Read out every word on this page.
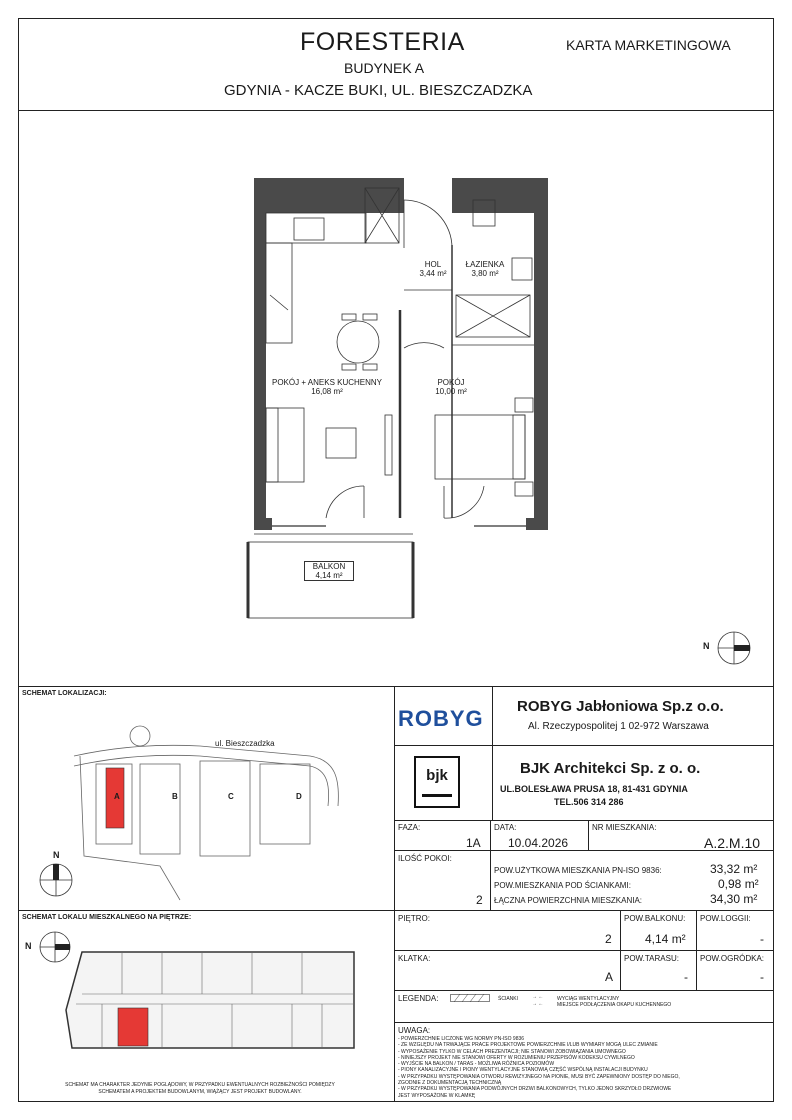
FORESTERIA
BUDYNEK A
GDYNIA - KACZE BUKI, UL. BIESZCZADZKA
KARTA MARKETINGOWA
HOL
3,44 m²
ŁAZIENKA
3,80 m²
POKÓJ + ANEKS KUCHENNY
16,08 m²
POKÓJ
10,00 m²
BALKON
4,14 m²
N
SCHEMAT LOKALIZACJI:
ul. Bieszczadzka
A	B	C	D
N
SCHEMAT LOKALU MIESZKALNEGO NA PIĘTRZE:
N
SCHEMAT MA CHARAKTER JEDYNIE POGLĄDOWY, W PRZYPADKU EWENTUALNYCH ROZBIEŻNOŚCI POMIĘDZY
SCHEMATEM A PROJEKTEM BUDOWLANYM, WIĄŻĄCY JEST PROJEKT BUDOWLANY.
ROBYG ROBYG Jabłoniowa Sp.z o.o.
Al. Rzeczypospolitej 1 02-972 Warszawa
bjk	BJK Architekci Sp. z o. o.
UL.BOLESŁAWA PRUSA 18, 81-431 GDYNIA
TEL.506 314 286
FAZA:
1A
DATA:
10.04.2026
NR MIESZKANIA:
A.2.M.10
ILOŚĆ POKOI:
2
POW.UŻYTKOWA MIESZKANIA PN-ISO 9836:	33,32 m²
POW.MIESZKANIA POD ŚCIANKAMI:	0,98 m²
ŁĄCZNA POWIERZCHNIA MIESZKANIA:	34,30 m²
PIĘTRO:
2
POW.BALKONU:
4,14 m²
POW.LOGGII:
-
KLATKA:
A
POW.TARASU:
-
POW.OGRÓDKA:
-
LEGENDA:	ŚCIANKI	→ ←	WYCIĄG WENTYLACYJNY
→ ←	MIEJSCE PODŁĄCZENIA OKAPU KUCHENNEGO
UWAGA:
- POWIERZCHNIE LICZONE WG NORMY PN-ISO 9836
- ZE WZGLĘDU NA TRWAJĄCE PRACE PROJEKTOWE POWIERZCHNIE I/LUB WYMIARY MOGĄ ULEC ZMIANIE
- WYPOSAŻENIE TYLKO W CELACH PREZENTACJI; NIE STANOWI ZOBOWIĄZANIA UMOWNEGO
- NINIEJSZY PROJEKT NIE STANOWI OFERTY W ROZUMIENIU PRZEPISÓW KODEKSU CYWILNEGO
- WYJŚCIE NA BALKON / TARAS - MOŻLIWA RÓŻNICA POZIOMÓW
- PIONY KANALIZACYJNE I PIONY WENTYLACYJNE STANOWIĄ CZĘŚĆ WSPÓLNĄ INSTALACJI BUDYNKU
- W PRZYPADKU WYSTĘPOWANIA OTWORU REWIZYJNEGO NA PIONIE, MUSI BYĆ ZAPEWNIONY DOSTĘP DO NIEGO,
ZGODNIE Z DOKUMENTACJĄ TECHNICZNĄ
- W PRZYPADKU WYSTĘPOWANIA PODWÓJNYCH DRZWI BALKONOWYCH, TYLKO JEDNO SKRZYDŁO DRZWIOWE
JEST WYPOSAŻONE W KLAMKĘ
